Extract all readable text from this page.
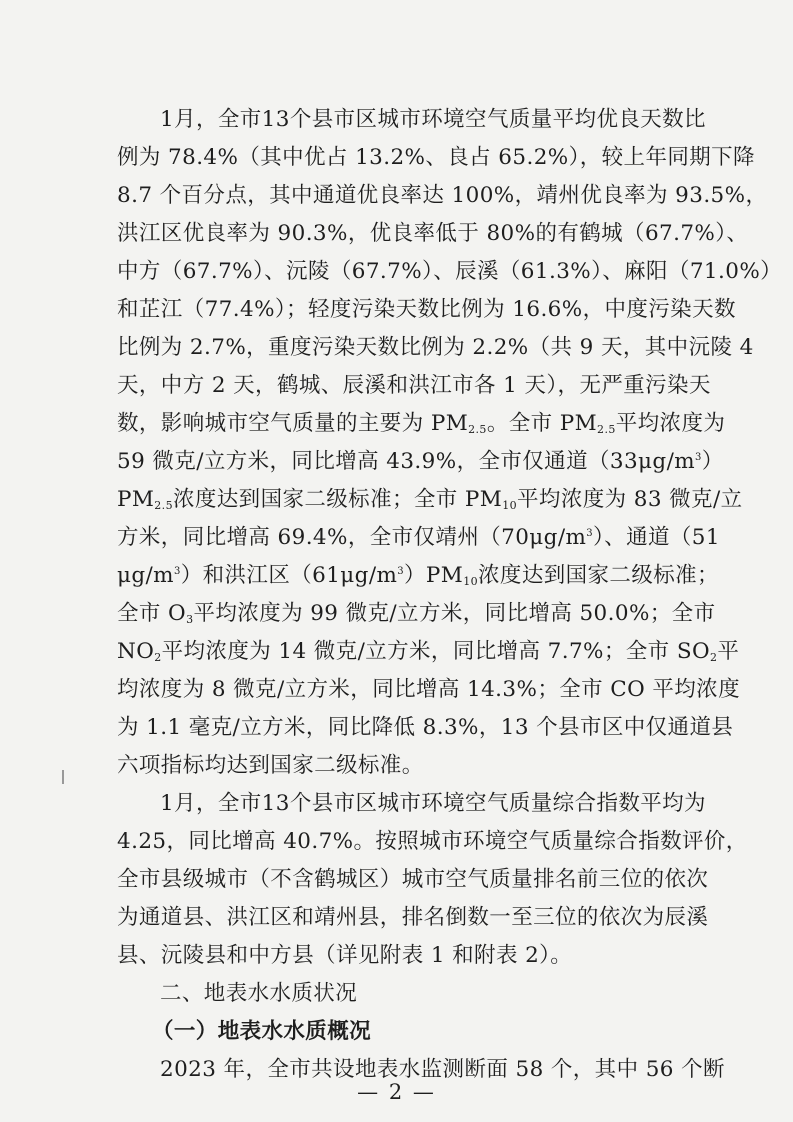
1月，全市13个县市区城市环境空气质量平均优良天数比
例为 78.4%（其中优占 13.2%、良占 65.2%），较上年同期下降
8.7 个百分点，其中通道优良率达 100%，靖州优良率为 93.5%，
洪江区优良率为 90.3%，优良率低于 80%的有鹤城（67.7%）、
中方（67.7%）、沅陵（67.7%）、辰溪（61.3%）、麻阳（71.0%）
和芷江（77.4%）；轻度污染天数比例为 16.6%，中度污染天数
比例为 2.7%，重度污染天数比例为 2.2%（共 9 天，其中沅陵 4
天，中方 2 天，鹤城、辰溪和洪江市各 1 天），无严重污染天
数，影响城市空气质量的主要为 $PM_{2.5}$。全市 $PM_{2.5}$平均浓度为
59 微克/立方米，同比增高 43.9%，全市仅通道$(33\mu g/m^3)$
$PM_{2.5}$浓度达到国家二级标准；全市 $PM_{10}$平均浓度为 83 微克/立
方米，同比增高 69.4%，全市仅靖州$(70\mu g/m^3)$、通道（51
$\mu g/m^3$）和洪江区$(61\mu g/m^3)PM_{10}$浓度达到国家二级标准；
全市 $O_3$平均浓度为 99 微克/立方米，同比增高 50.0%；全市
$NO_2$平均浓度为 14 微克/立方米，同比增高 7.7%；全市 $SO_2$平
均浓度为 8 微克/立方米，同比增高 14.3%；全市 CO 平均浓度
为 1.1 毫克/立方米，同比降低 8.3%，13 个县市区中仅通道县
六项指标均达到国家二级标准。
1月，全市13个县市区城市环境空气质量综合指数平均为
4.25，同比增高 40.7%。按照城市环境空气质量综合指数评价，
全市县级城市（不含鹤城区）城市空气质量排名前三位的依次
为通道县、洪江区和靖州县，排名倒数一至三位的依次为辰溪
县、沅陵县和中方县（详见附表 1 和附表 2）。
二、地表水水质状况
（一）地表水水质概况
2023 年，全市共设地表水监测断面 58 个，其中 56 个断
— 2 —
